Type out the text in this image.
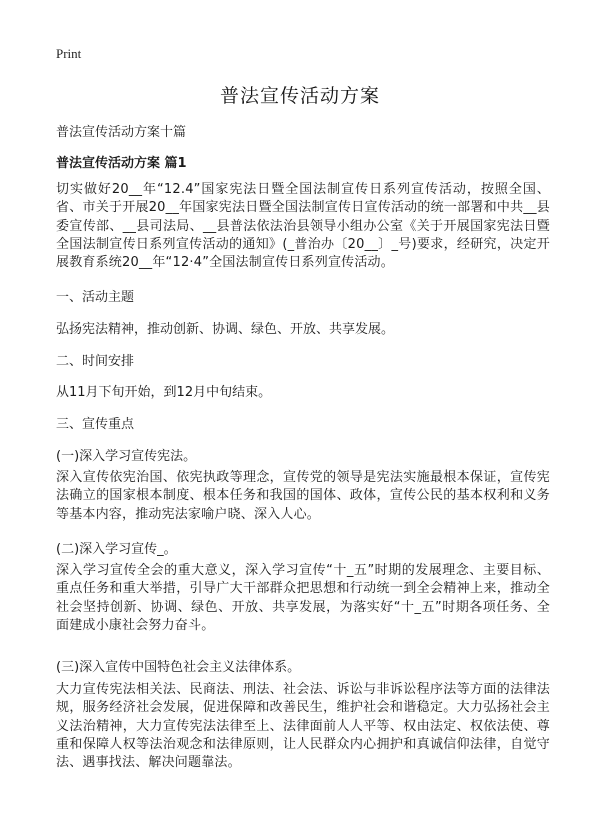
Print
普法宣传活动方案
普法宣传活动方案十篇
普法宣传活动方案 篇1
切实做好20__年“12.4”国家宪法日暨全国法制宣传日系列宣传活动，按照全国、省、市关于开展20__年国家宪法日暨全国法制宣传日宣传活动的统一部署和中共__县委宣传部、__县司法局、__县普法依法治县领导小组办公室《关于开展国家宪法日暨全国法制宣传日系列宣传活动的通知》(_普治办〔20__〕_号)要求，经研究，决定开展教育系统20__年“12·4”全国法制宣传日系列宣传活动。
一、活动主题
弘扬宪法精神，推动创新、协调、绿色、开放、共享发展。
二、时间安排
从11月下旬开始，到12月中旬结束。
三、宣传重点
(一)深入学习宣传宪法。
深入宣传依宪治国、依宪执政等理念，宣传党的领导是宪法实施最根本保证，宣传宪法确立的国家根本制度、根本任务和我国的国体、政体，宣传公民的基本权利和义务等基本内容，推动宪法家喻户晓、深入人心。
(二)深入学习宣传_。
深入学习宣传全会的重大意义，深入学习宣传“十_五”时期的发展理念、主要目标、重点任务和重大举措，引导广大干部群众把思想和行动统一到全会精神上来，推动全社会坚持创新、协调、绿色、开放、共享发展，为落实好“十_五”时期各项任务、全面建成小康社会努力奋斗。
(三)深入宣传中国特色社会主义法律体系。
大力宣传宪法相关法、民商法、刑法、社会法、诉讼与非诉讼程序法等方面的法律法规，服务经济社会发展，促进保障和改善民生，维护社会和谐稳定。大力弘扬社会主义法治精神，大力宣传宪法法律至上、法律面前人人平等、权由法定、权依法使、尊重和保障人权等法治观念和法律原则，让人民群众内心拥护和真诚信仰法律，自觉守法、遇事找法、解决问题靠法。
